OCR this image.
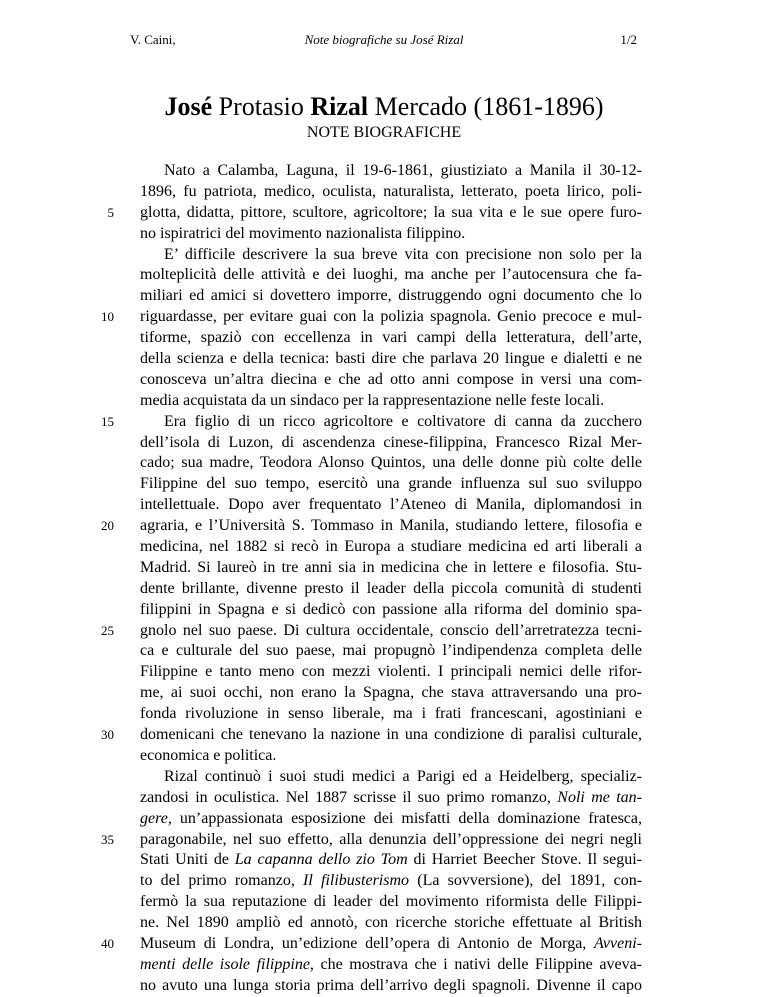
V. Caini,	Note biografiche su José Rizal	1/2
José Protasio Rizal Mercado (1861-1896)
NOTE BIOGRAFICHE
5
10
15
20
25
30
35
40
Nato a Calamba, Laguna, il 19-6-1861, giustiziato a Manila il 30-12-
1896, fu patriota, medico, oculista, naturalista, letterato, poeta lirico, poli-
glotta, didatta, pittore, scultore, agricoltore; la sua vita e le sue opere furo-
no ispiratrici del movimento nazionalista filippino.
E’ difficile descrivere la sua breve vita con precisione non solo per la
molteplicità delle attività e dei luoghi, ma anche per l’autocensura che fa-
miliari ed amici si dovettero imporre, distruggendo ogni documento che lo
riguardasse, per evitare guai con la polizia spagnola. Genio precoce e mul-
tiforme, spaziò con eccellenza in vari campi della letteratura, dell’arte,
della scienza e della tecnica: basti dire che parlava 20 lingue e dialetti e ne
conosceva un’altra diecina e che ad otto anni compose in versi una com-
media acquistata da un sindaco per la rappresentazione nelle feste locali.
Era figlio di un ricco agricoltore e coltivatore di canna da zucchero
dell’isola di Luzon, di ascendenza cinese-filippina, Francesco Rizal Mer-
cado; sua madre, Teodora Alonso Quintos, una delle donne più colte delle
Filippine del suo tempo, esercitò una grande influenza sul suo sviluppo
intellettuale. Dopo aver frequentato l’Ateneo di Manila, diplomandosi in
agraria, e l’Università S. Tommaso in Manila, studiando lettere, filosofia e
medicina, nel 1882 si recò in Europa a studiare medicina ed arti liberali a
Madrid. Si laureò in tre anni sia in medicina che in lettere e filosofia. Stu-
dente brillante, divenne presto il leader della piccola comunità di studenti
filippini in Spagna e si dedicò con passione alla riforma del dominio spa-
gnolo nel suo paese. Di cultura occidentale, conscio dell’arretratezza tecni-
ca e culturale del suo paese, mai propugnò l’indipendenza completa delle
Filippine e tanto meno con mezzi violenti. I principali nemici delle rifor-
me, ai suoi occhi, non erano la Spagna, che stava attraversando una pro-
fonda rivoluzione in senso liberale, ma i frati francescani, agostiniani e
domenicani che tenevano la nazione in una condizione di paralisi culturale,
economica e politica.
Rizal continuò i suoi studi medici a Parigi ed a Heidelberg, specializ-
zandosi in oculistica. Nel 1887 scrisse il suo primo romanzo, Noli me tan-
gere, un’appassionata esposizione dei misfatti della dominazione fratesca,
paragonabile, nel suo effetto, alla denunzia dell’oppressione dei negri negli
Stati Uniti de La capanna dello zio Tom di Harriet Beecher Stove. Il segui-
to del primo romanzo, Il filibusterismo (La sovversione), del 1891, con-
fermò la sua reputazione di leader del movimento riformista delle Filippi-
ne. Nel 1890 ampliò ed annotò, con ricerche storiche effettuate al British
Museum di Londra, un’edizione dell’opera di Antonio de Morga, Avveni-
menti delle isole filippine, che mostrava che i nativi delle Filippine aveva-
no avuto una lunga storia prima dell’arrivo degli spagnoli. Divenne il capo
